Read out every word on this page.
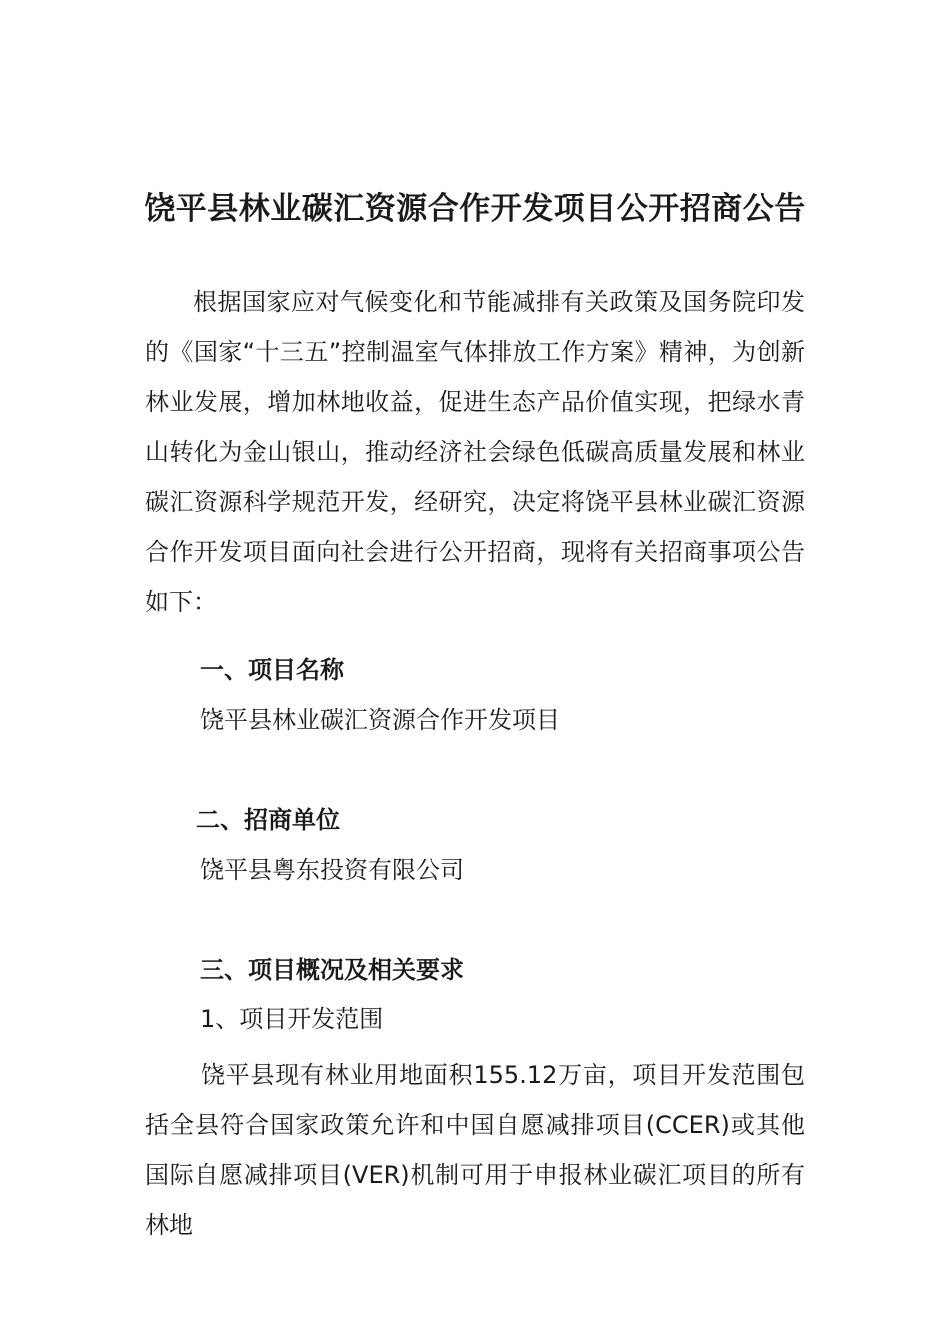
饶平县林业碳汇资源合作开发项目公开招商公告

根据国家应对气候变化和节能减排有关政策及国务院印发的《国家“十三五”控制温室气体排放工作方案》精神，为创新林业发展，增加林地收益，促进生态产品价值实现，把绿水青山转化为金山银山，推动经济社会绿色低碳高质量发展和林业碳汇资源科学规范开发，经研究，决定将饶平县林业碳汇资源合作开发项目面向社会进行公开招商，现将有关招商事项公告如下：

一、项目名称

饶平县林业碳汇资源合作开发项目

二、招商单位

饶平县粤东投资有限公司

三、项目概况及相关要求

1、项目开发范围

饶平县现有林业用地面积155.12万亩，项目开发范围包括全县符合国家政策允许和中国自愿减排项目(CCER)或其他国际自愿减排项目(VER)机制可用于申报林业碳汇项目的所有林地
